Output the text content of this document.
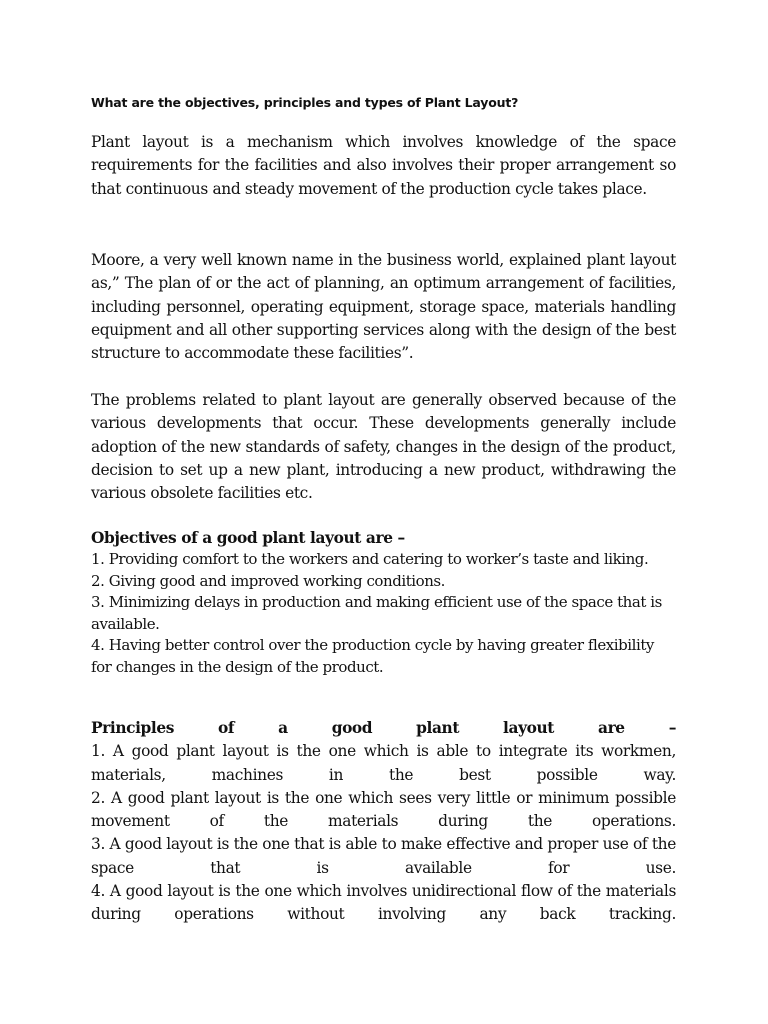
What are the objectives, principles and types of Plant Layout?

Plant layout is a mechanism which involves knowledge of the space requirements for the facilities and also involves their proper arrangement so that continuous and steady movement of the production cycle takes place.

Moore, a very well known name in the business world, explained plant layout as,” The plan of or the act of planning, an optimum arrangement of facilities, including personnel, operating equipment, storage space, materials handling equipment and all other supporting services along with the design of the best structure to accommodate these facilities”.

The problems related to plant layout are generally observed because of the various developments that occur. These developments generally include adoption of the new standards of safety, changes in the design of the product, decision to set up a new plant, introducing a new product, withdrawing the various obsolete facilities etc.

Objectives of a good plant layout are –
1. Providing comfort to the workers and catering to worker’s taste and liking.
2. Giving good and improved working conditions.
3. Minimizing delays in production and making efficient use of the space that is available.
4. Having better control over the production cycle by having greater flexibility for changes in the design of the product.
Principles of a good plant layout are –
1. A good plant layout is the one which is able to integrate its workmen, materials, machines in the best possible way.
2. A good plant layout is the one which sees very little or minimum possible movement of the materials during the operations.
3. A good layout is the one that is able to make effective and proper use of the space that is available for use.
4. A good layout is the one which involves unidirectional flow of the materials during operations without involving any back tracking.
